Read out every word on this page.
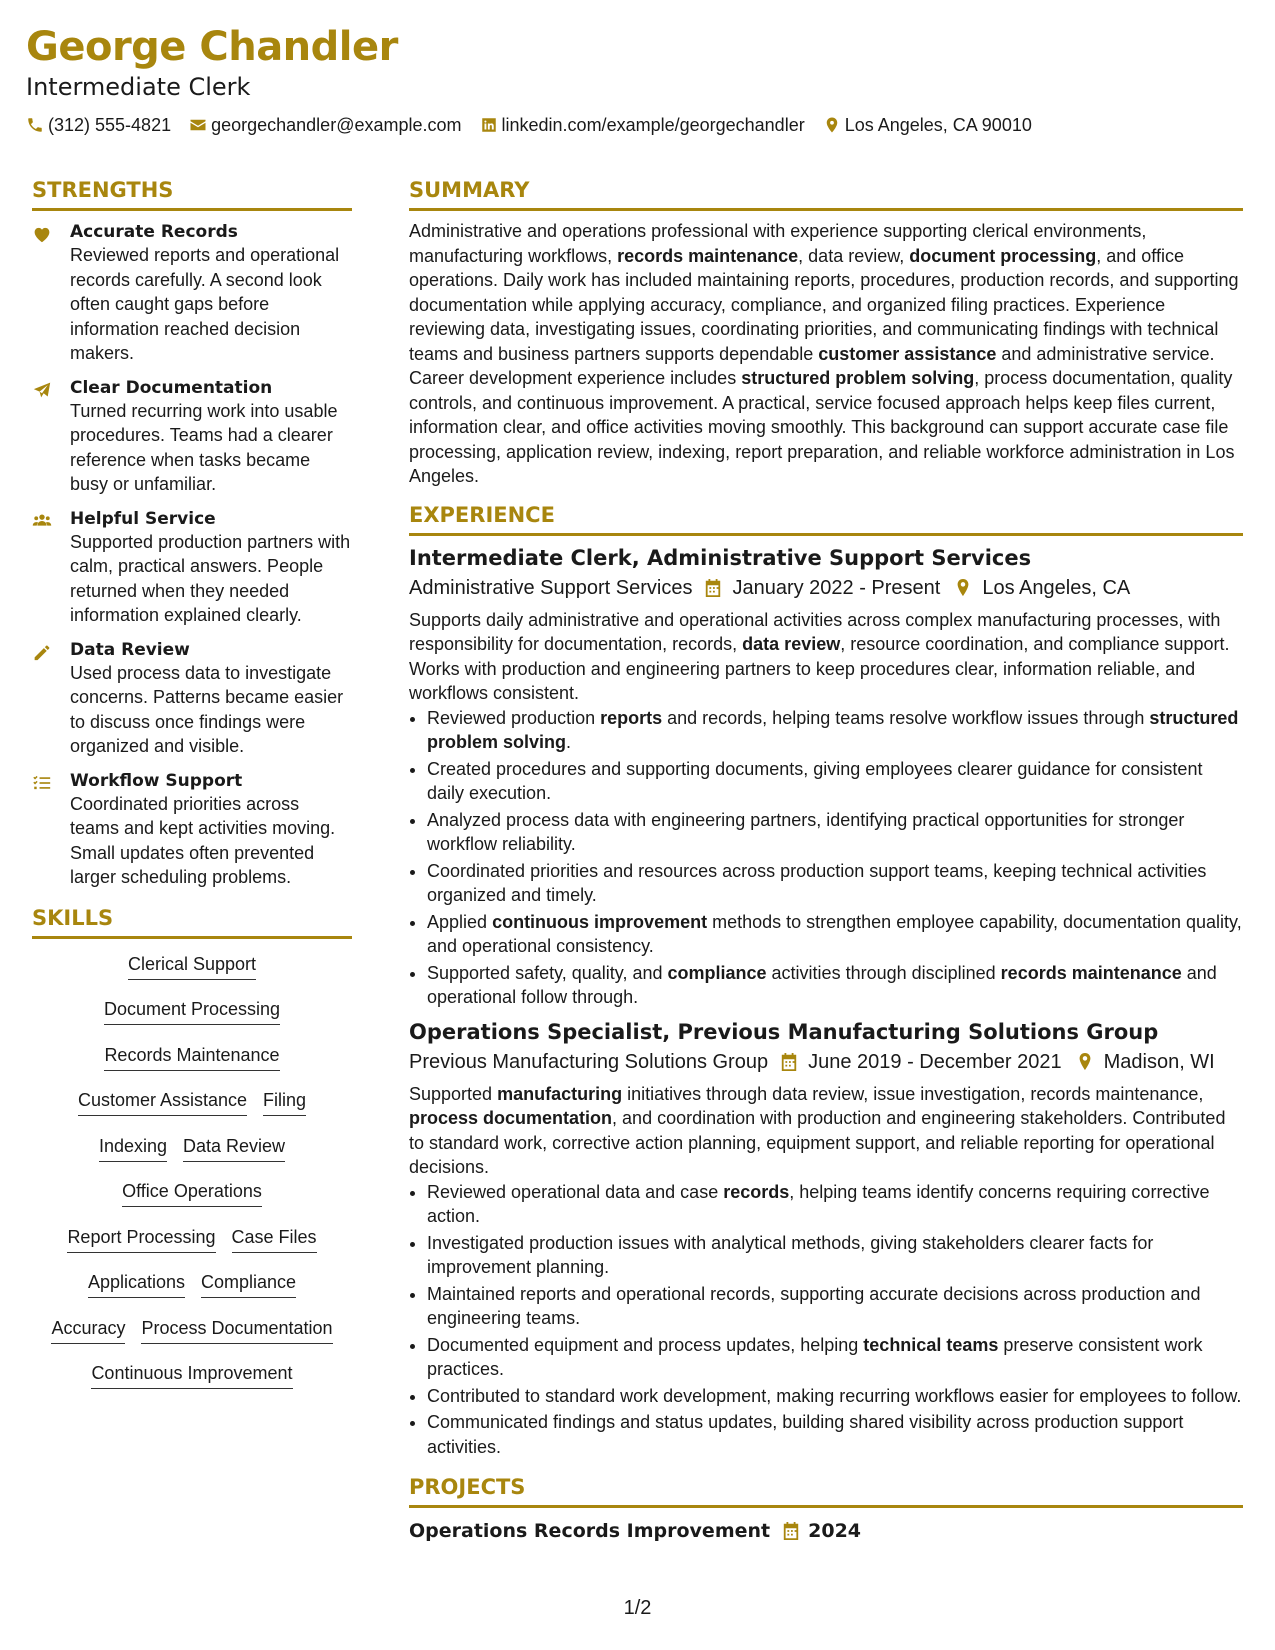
George Chandler
Intermediate Clerk
(312) 555-4821 georgechandler@example.com linkedin.com/example/georgechandler Los Angeles, CA 90010
STRENGTHS
Accurate Records
Reviewed reports and operational records carefully. A second look often caught gaps before information reached decision makers.
Clear Documentation
Turned recurring work into usable procedures. Teams had a clearer reference when tasks became busy or unfamiliar.
Helpful Service
Supported production partners with calm, practical answers. People returned when they needed information explained clearly.
Data Review
Used process data to investigate concerns. Patterns became easier to discuss once findings were organized and visible.
Workflow Support
Coordinated priorities across teams and kept activities moving. Small updates often prevented larger scheduling problems.
SKILLS
Clerical Support
Document Processing
Records Maintenance
Customer Assistance Filing
Indexing Data Review
Office Operations
Report Processing Case Files
Applications Compliance
Accuracy Process Documentation
Continuous Improvement
SUMMARY
Administrative and operations professional with experience supporting clerical environments, manufacturing workflows, records maintenance, data review, document processing, and office operations. Daily work has included maintaining reports, procedures, production records, and supporting documentation while applying accuracy, compliance, and organized filing practices. Experience reviewing data, investigating issues, coordinating priorities, and communicating findings with technical teams and business partners supports dependable customer assistance and administrative service. Career development experience includes structured problem solving, process documentation, quality controls, and continuous improvement. A practical, service focused approach helps keep files current, information clear, and office activities moving smoothly. This background can support accurate case file processing, application review, indexing, report preparation, and reliable workforce administration in Los Angeles.
EXPERIENCE
Intermediate Clerk, Administrative Support Services
Administrative Support Services January 2022 - Present Los Angeles, CA
Supports daily administrative and operational activities across complex manufacturing processes, with responsibility for documentation, records, data review, resource coordination, and compliance support. Works with production and engineering partners to keep procedures clear, information reliable, and workflows consistent.
• Reviewed production reports and records, helping teams resolve workflow issues through structured problem solving.
• Created procedures and supporting documents, giving employees clearer guidance for consistent daily execution.
• Analyzed process data with engineering partners, identifying practical opportunities for stronger workflow reliability.
• Coordinated priorities and resources across production support teams, keeping technical activities organized and timely.
• Applied continuous improvement methods to strengthen employee capability, documentation quality, and operational consistency.
• Supported safety, quality, and compliance activities through disciplined records maintenance and operational follow through.
Operations Specialist, Previous Manufacturing Solutions Group
Previous Manufacturing Solutions Group June 2019 - December 2021 Madison, WI
Supported manufacturing initiatives through data review, issue investigation, records maintenance, process documentation, and coordination with production and engineering stakeholders. Contributed to standard work, corrective action planning, equipment support, and reliable reporting for operational decisions.
• Reviewed operational data and case records, helping teams identify concerns requiring corrective action.
• Investigated production issues with analytical methods, giving stakeholders clearer facts for improvement planning.
• Maintained reports and operational records, supporting accurate decisions across production and engineering teams.
• Documented equipment and process updates, helping technical teams preserve consistent work practices.
• Contributed to standard work development, making recurring workflows easier for employees to follow.
• Communicated findings and status updates, building shared visibility across production support activities.
PROJECTS
Operations Records Improvement 2024
1/2
